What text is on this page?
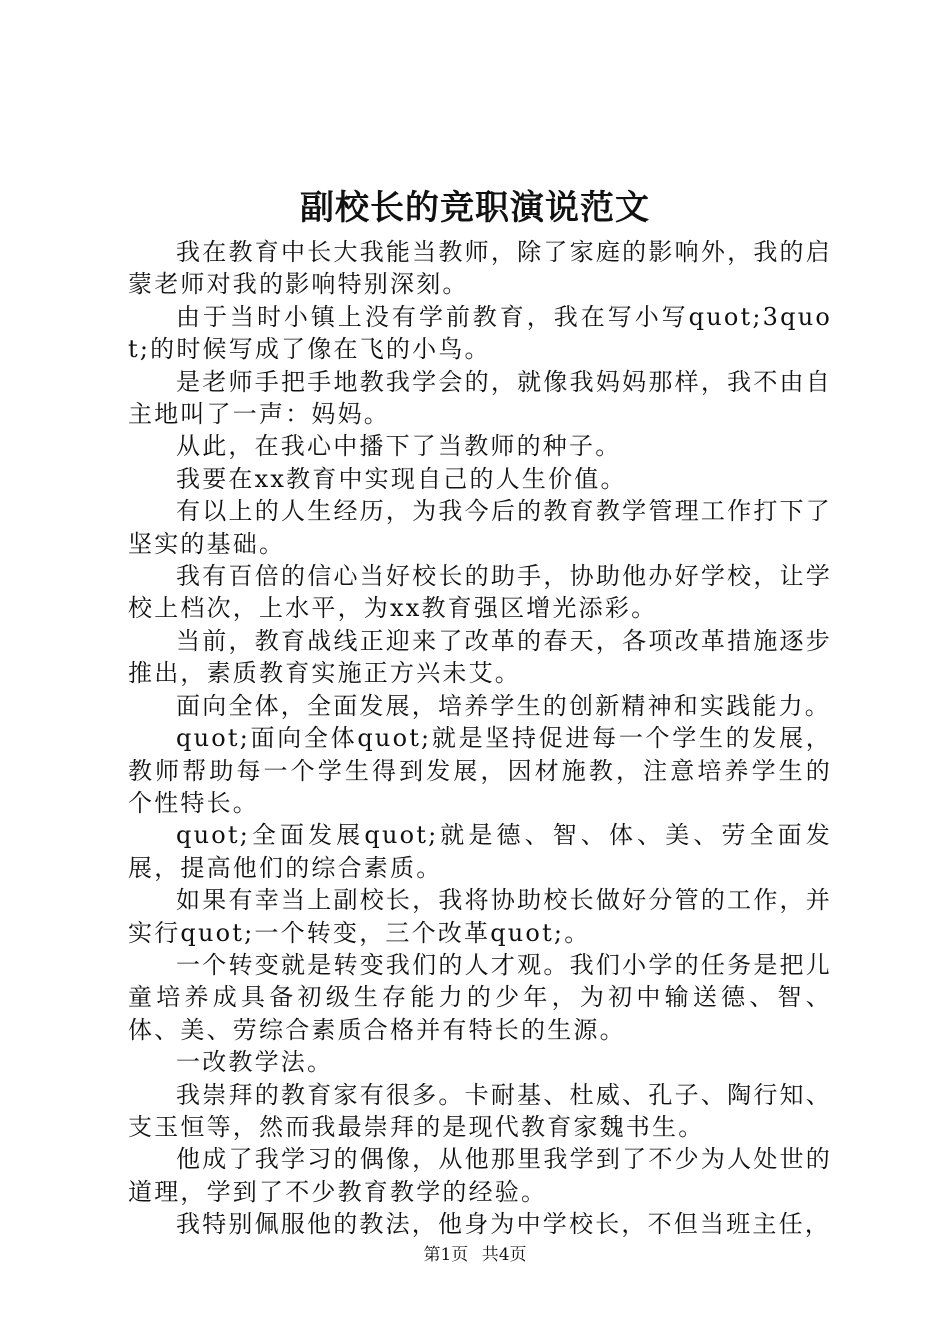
副校长的竞职演说范文

我在教育中长大我能当教师，除了家庭的影响外，我的启蒙老师对我的影响特别深刻。

由于当时小镇上没有学前教育，我在写小写quot;3quot;的时候写成了像在飞的小鸟。

是老师手把手地教我学会的，就像我妈妈那样，我不由自主地叫了一声：妈妈。

从此，在我心中播下了当教师的种子。

我要在xx教育中实现自己的人生价值。

有以上的人生经历，为我今后的教育教学管理工作打下了坚实的基础。

我有百倍的信心当好校长的助手，协助他办好学校，让学校上档次，上水平，为xx教育强区增光添彩。

当前，教育战线正迎来了改革的春天，各项改革措施逐步推出，素质教育实施正方兴未艾。

面向全体，全面发展，培养学生的创新精神和实践能力。

quot;面向全体quot;就是坚持促进每一个学生的发展，教师帮助每一个学生得到发展，因材施教，注意培养学生的个性特长。

quot;全面发展quot;就是德、智、体、美、劳全面发展，提高他们的综合素质。

如果有幸当上副校长，我将协助校长做好分管的工作，并实行quot;一个转变，三个改革quot;。

一个转变就是转变我们的人才观。我们小学的任务是把儿童培养成具备初级生存能力的少年，为初中输送德、智、体、美、劳综合素质合格并有特长的生源。

一改教学法。

我崇拜的教育家有很多。卡耐基、杜威、孔子、陶行知、支玉恒等，然而我最崇拜的是现代教育家魏书生。

他成了我学习的偶像，从他那里我学到了不少为人处世的道理，学到了不少教育教学的经验。

我特别佩服他的教法，他身为中学校长，不但当班主任，

第1页 共4页
